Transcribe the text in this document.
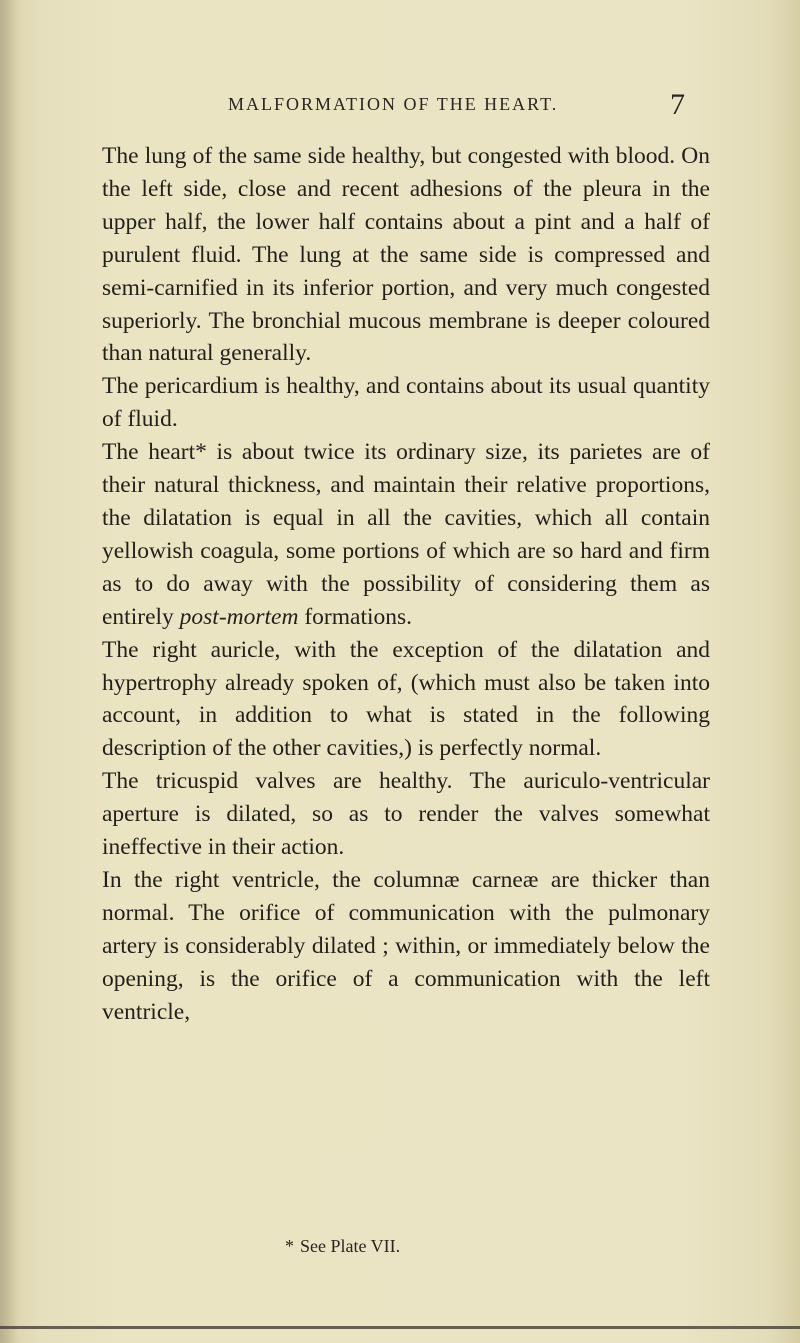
MALFORMATION OF THE HEART.	7

The lung of the same side healthy, but congested with blood. On the left side, close and recent adhesions of the pleura in the upper half, the lower half contains about a pint and a half of purulent fluid. The lung at the same side is compressed and semi-carnified in its inferior portion, and very much congested superiorly. The bronchial mucous membrane is deeper coloured than natural generally.

The pericardium is healthy, and contains about its usual quantity of fluid.

The heart* is about twice its ordinary size, its parietes are of their natural thickness, and maintain their relative proportions, the dilatation is equal in all the cavities, which all contain yellowish coagula, some portions of which are so hard and firm as to do away with the possibility of considering them as entirely post-mortem formations.

The right auricle, with the exception of the dilatation and hypertrophy already spoken of, (which must also be taken into account, in addition to what is stated in the following description of the other cavities,) is perfectly normal.

The tricuspid valves are healthy. The auriculo-ventricular aperture is dilated, so as to render the valves somewhat ineffective in their action.

In the right ventricle, the columnæ carneæ are thicker than normal. The orifice of communication with the pulmonary artery is considerably dilated ; within, or immediately below the opening, is the orifice of a communication with the left ventricle,

* See Plate VII.
